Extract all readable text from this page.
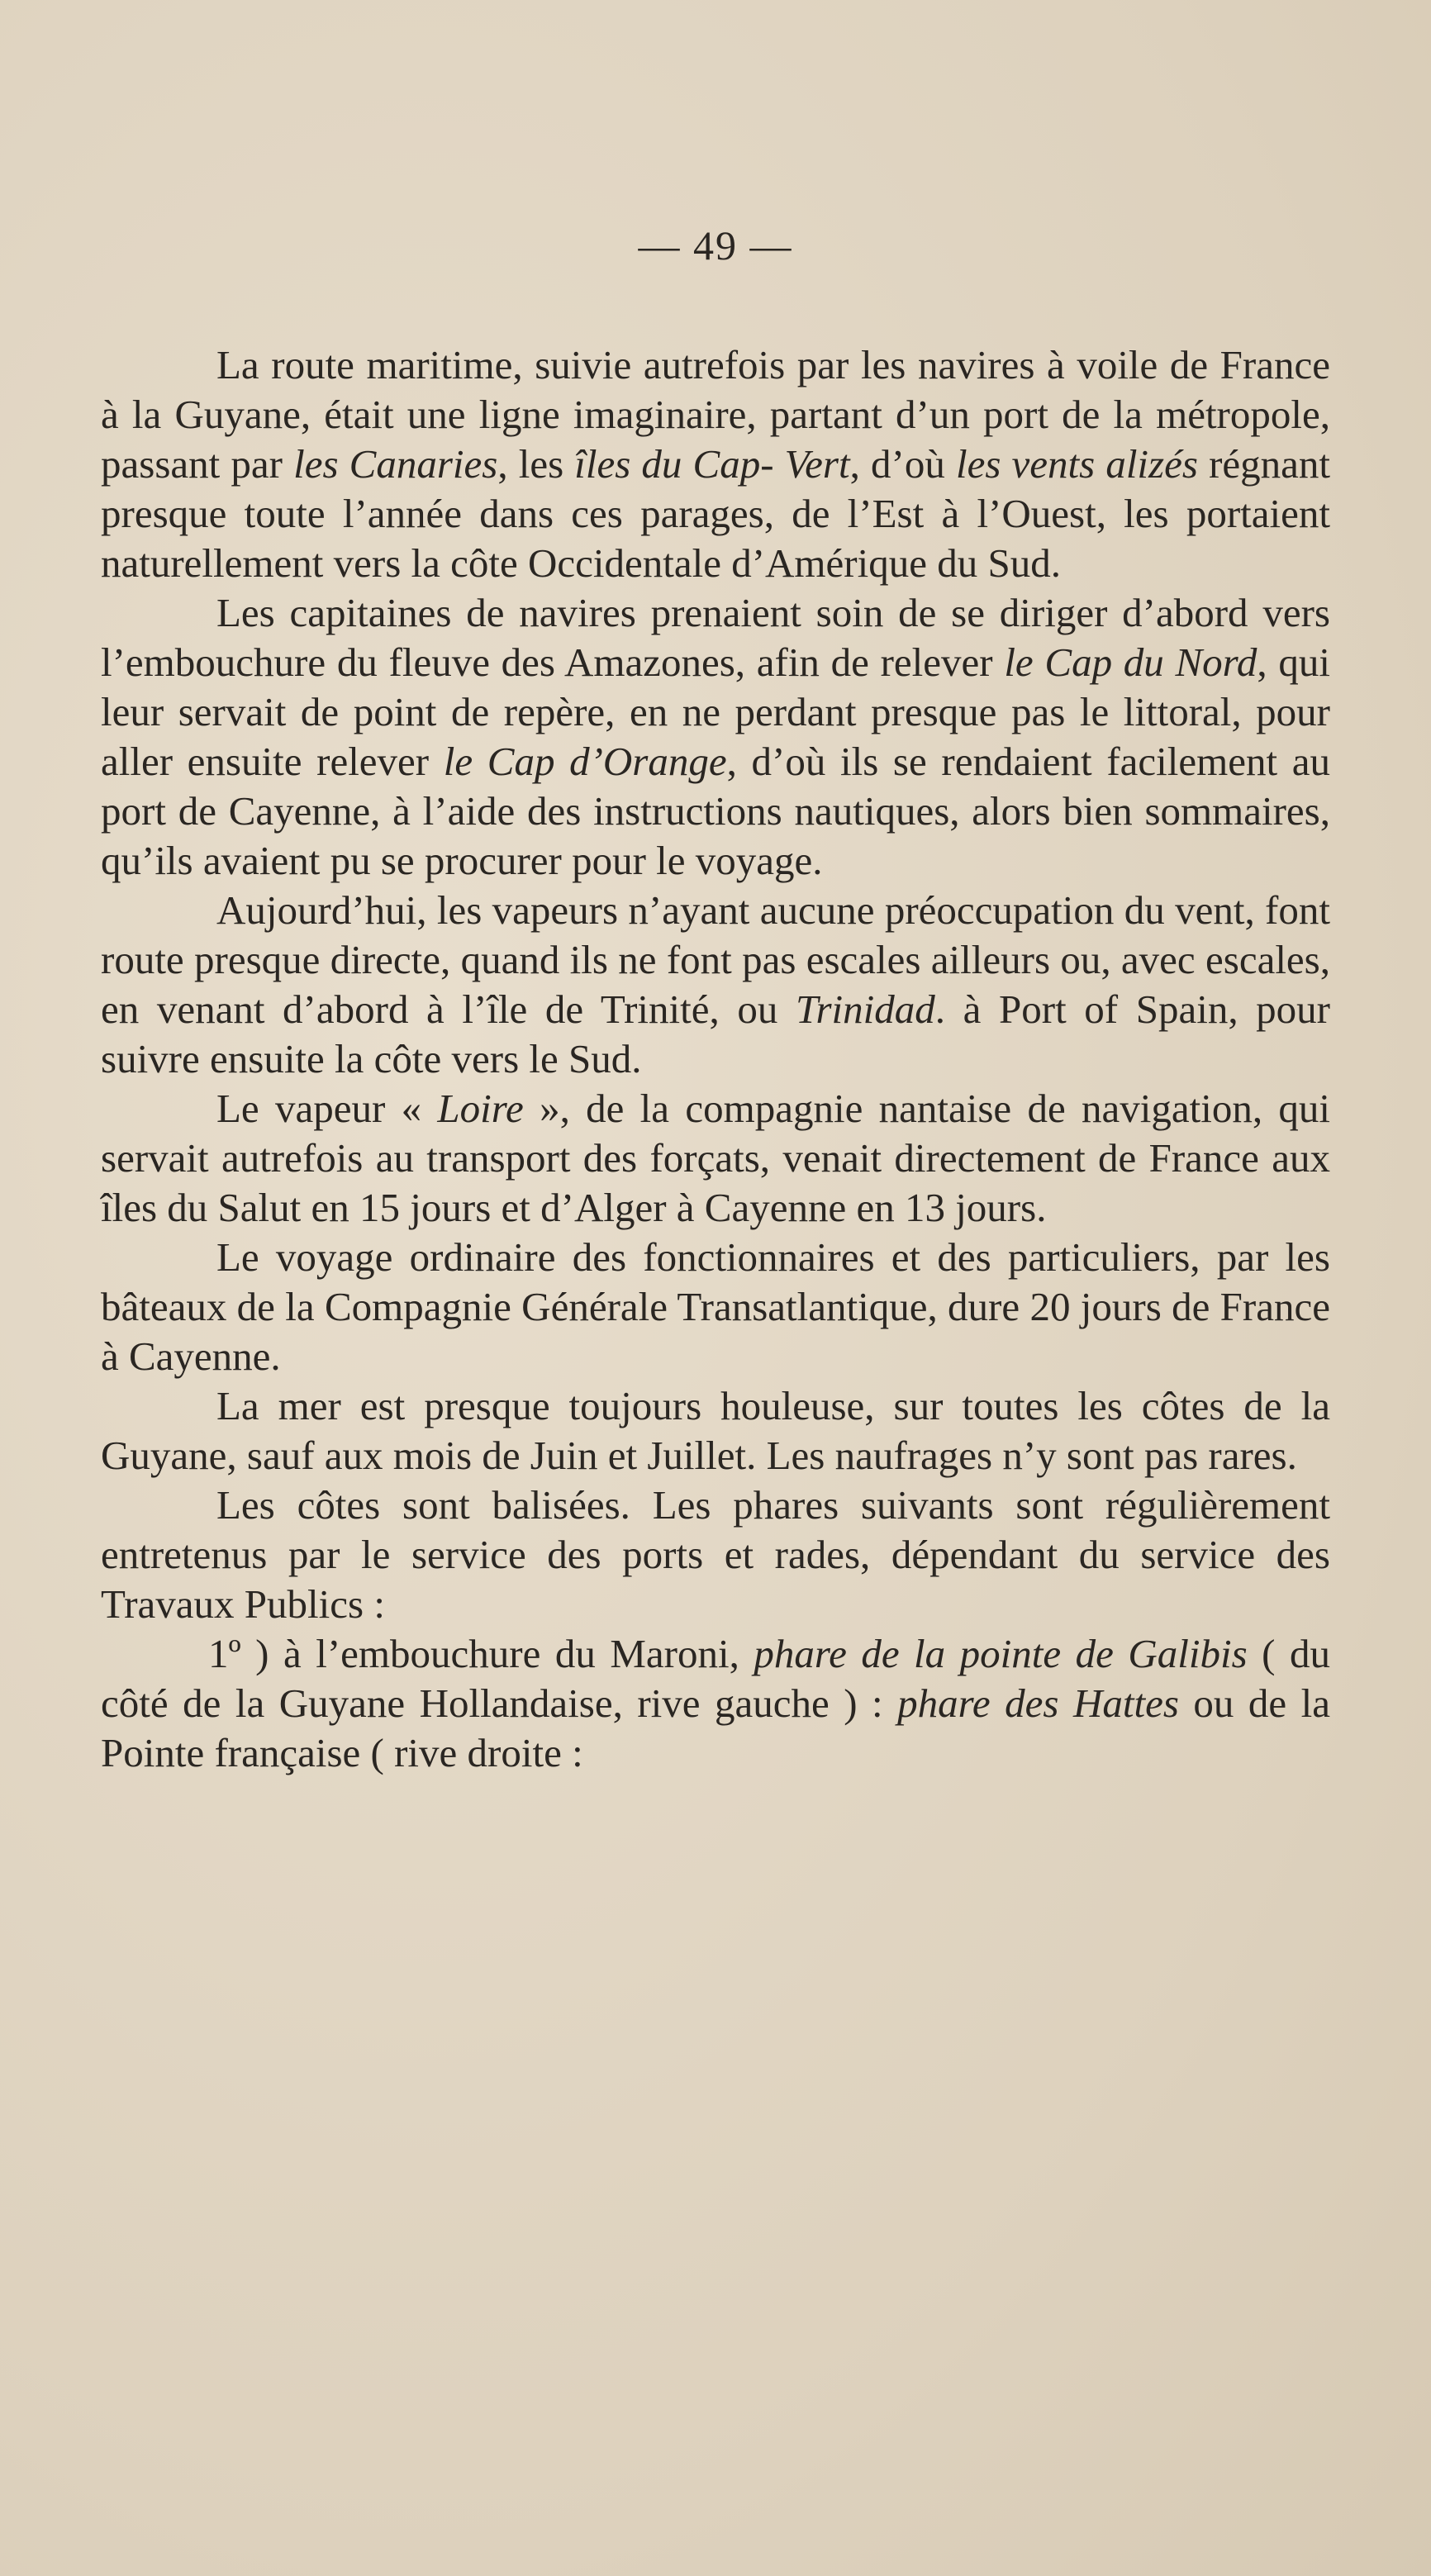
— 49 —

La route maritime, suivie autrefois par les navires à voile de France à la Guyane, était une ligne imaginaire, partant d’un port de la métropole, passant par les Canaries, les îles du Cap- Vert, d’où les vents alizés régnant presque toute l’année dans ces parages, de l’Est à l’Ouest, les portaient naturellement vers la côte Occidentale d’Amérique du Sud.

Les capitaines de navires prenaient soin de se diriger d’abord vers l’embouchure du fleuve des Amazones, afin de relever le Cap du Nord, qui leur servait de point de repère, en ne perdant presque pas le littoral, pour aller ensuite relever le Cap d’Orange, d’où ils se rendaient facilement au port de Cayenne, à l’aide des instructions nautiques, alors bien sommaires, qu’ils avaient pu se procurer pour le voyage.

Aujourd’hui, les vapeurs n’ayant aucune préoccupation du vent, font route presque directe, quand ils ne font pas escales ailleurs ou, avec escales, en venant d’abord à l’île de Trinité, ou Trinidad. à Port of Spain, pour suivre ensuite la côte vers le Sud.

Le vapeur « Loire », de la compagnie nantaise de navigation, qui servait autrefois au transport des forçats, venait directement de France aux îles du Salut en 15 jours et d’Alger à Cayenne en 13 jours.

Le voyage ordinaire des fonctionnaires et des particuliers, par les bâteaux de la Compagnie Générale Transatlantique, dure 20 jours de France à Cayenne.

La mer est presque toujours houleuse, sur toutes les côtes de la Guyane, sauf aux mois de Juin et Juillet. Les naufrages n’y sont pas rares.

Les côtes sont balisées. Les phares suivants sont régulièrement entretenus par le service des ports et rades, dépendant du service des Travaux Publics :

1º ) à l’embouchure du Maroni, phare de la pointe de Galibis ( du côté de la Guyane Hollandaise, rive gauche ) : phare des Hattes ou de la Pointe française ( rive droite :
